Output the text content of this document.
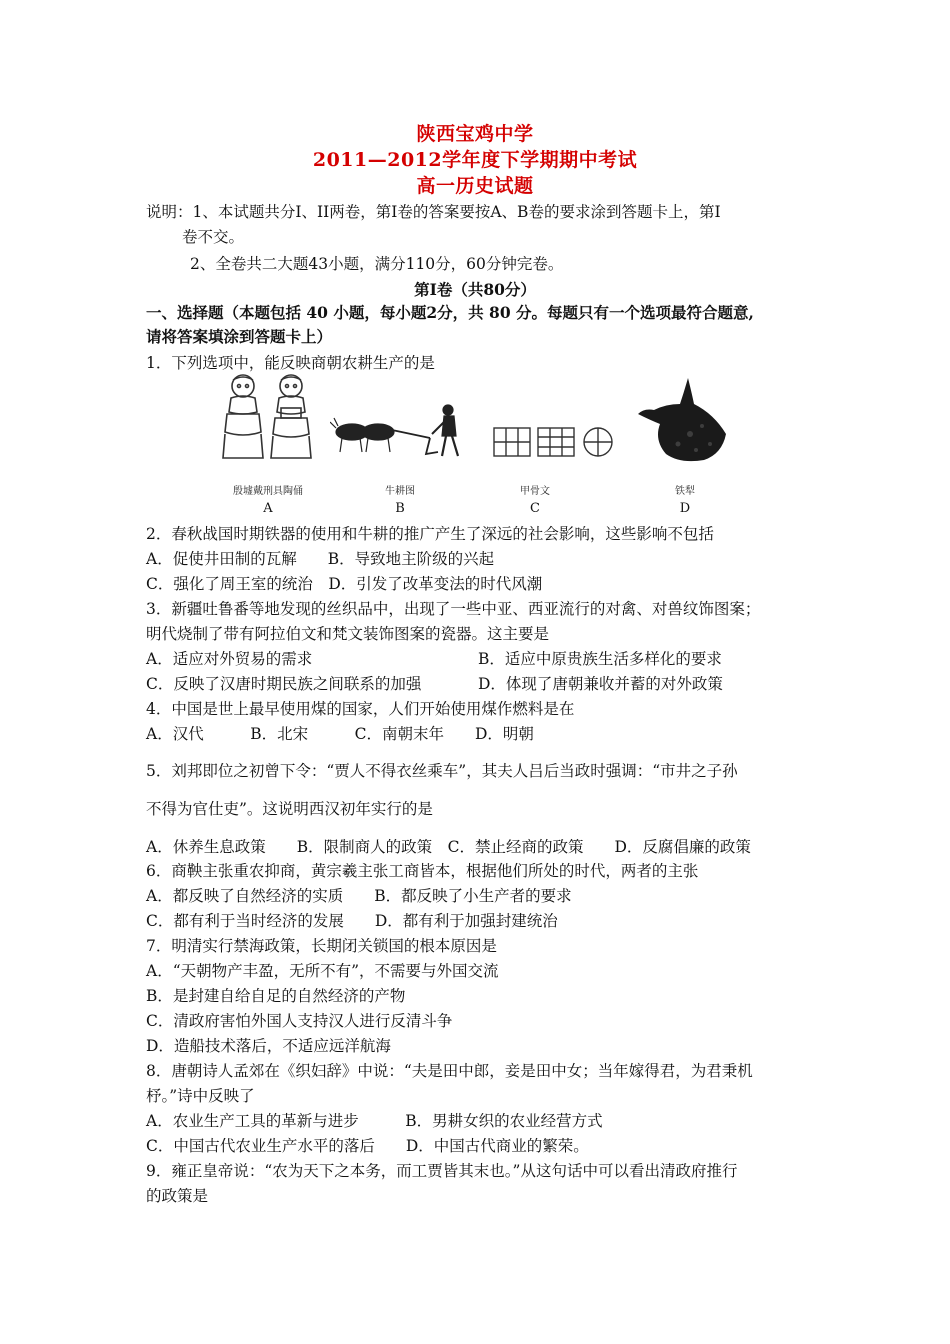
陕西宝鸡中学
2011—2012学年度下学期期中考试
高一历史试题
说明：1、本试题共分I、II两卷，第I卷的答案要按A、B卷的要求涂到答题卡上，第I
卷不交。
2、全卷共二大题43小题，满分110分，60分钟完卷。
第I卷（共80分）
一、选择题（本题包括 40 小题，每小题2分，共 80 分。每题只有一个选项最符合题意,
请将答案填涂到答题卡上）
1．下列选项中，能反映商朝农耕生产的是
殷墟戴刑具陶俑
A
牛耕图
B
甲骨文
C
铁犁
D
2．春秋战国时期铁器的使用和牛耕的推广产生了深远的社会影响，这些影响不包括
A．促使井田制的瓦解　　B．导致地主阶级的兴起
C．强化了周王室的统治　D．引发了改革变法的时代风潮
3．新疆吐鲁番等地发现的丝织品中，出现了一些中亚、西亚流行的对禽、对兽纹饰图案；
明代烧制了带有阿拉伯文和梵文装饰图案的瓷器。这主要是
A．适应对外贸易的需求	B．适应中原贵族生活多样化的要求
C．反映了汉唐时期民族之间联系的加强	D．体现了唐朝兼收并蓄的对外政策
4．中国是世上最早使用煤的国家，人们开始使用煤作燃料是在
A．汉代　　　B．北宋　　　C．南朝末年　　D．明朝
5．刘邦即位之初曾下令：“贾人不得衣丝乘车”，其夫人吕后当政时强调：“市井之子孙
不得为官仕吏”。这说明西汉初年实行的是
A．休养生息政策　　B．限制商人的政策　C．禁止经商的政策　　D．反腐倡廉的政策
6．商鞅主张重农抑商，黄宗羲主张工商皆本，根据他们所处的时代，两者的主张
A．都反映了自然经济的实质　　B．都反映了小生产者的要求
C．都有利于当时经济的发展　　D．都有利于加强封建统治
7．明清实行禁海政策，长期闭关锁国的根本原因是
A．“天朝物产丰盈，无所不有”，不需要与外国交流
B．是封建自给自足的自然经济的产物
C．清政府害怕外国人支持汉人进行反清斗争
D．造船技术落后，不适应远洋航海
8．唐朝诗人孟郊在《织妇辞》中说：“夫是田中郎，妾是田中女；当年嫁得君，为君秉机
杼。”诗中反映了
A．农业生产工具的革新与进步　　　B．男耕女织的农业经营方式
C．中国古代农业生产水平的落后　　D．中国古代商业的繁荣。
9．雍正皇帝说：“农为天下之本务，而工贾皆其末也。”从这句话中可以看出清政府推行
的政策是
